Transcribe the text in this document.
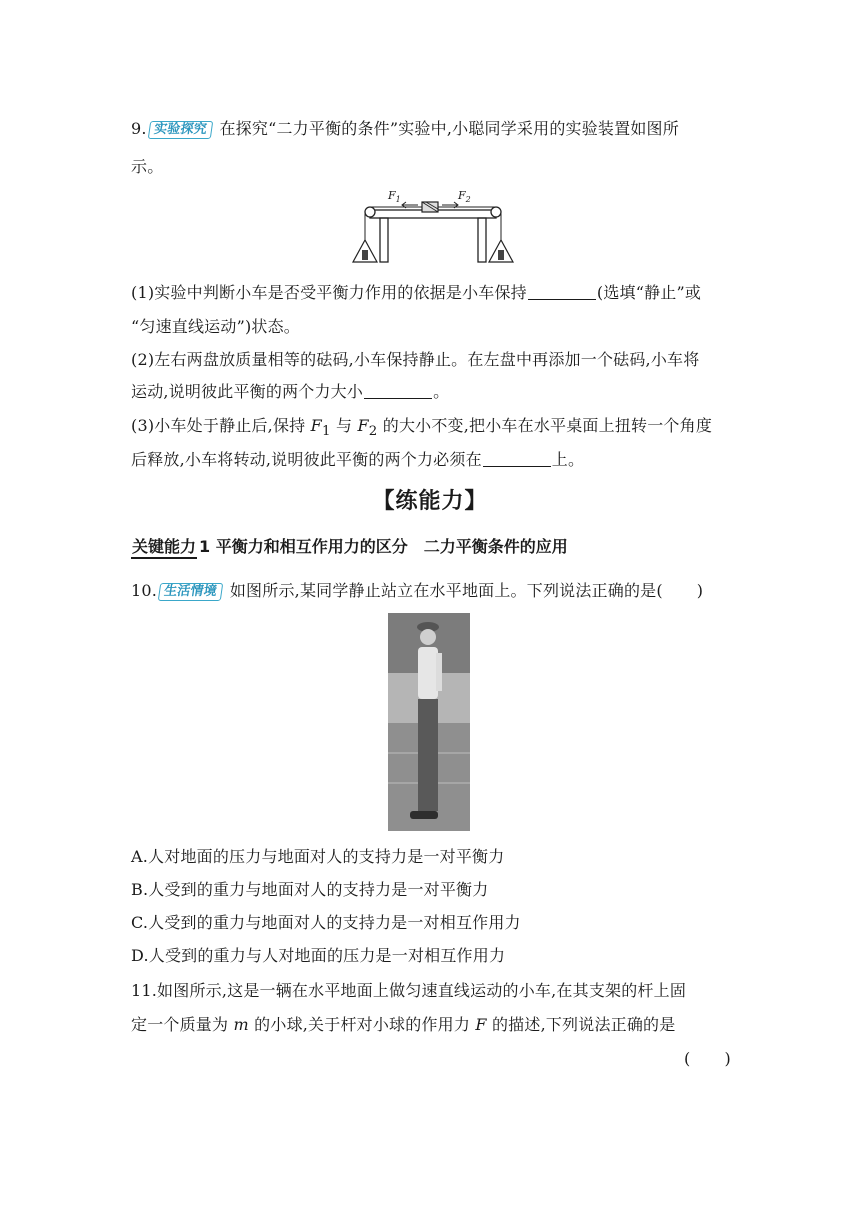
9. 实验探究 在探究“二力平衡的条件”实验中,小聪同学采用的实验装置如图所
示。
$F_1$	$F_2$
(1)实验中判断小车是否受平衡力作用的依据是小车保持	(选填“静止”或
“匀速直线运动”)状态。
(2)左右两盘放质量相等的砝码,小车保持静止。在左盘中再添加一个砝码,小车将
运动,说明彼此平衡的两个力大小	。
(3)小车处于静止后,保持 $F_1$ 与 $F_2$ 的大小不变,把小车在水平桌面上扭转一个角度
后释放,小车将转动,说明彼此平衡的两个力必须在	上。
【练能力】
关键能力 1 平衡力和相互作用力的区分　二力平衡条件的应用
10. 生活情境 如图所示,某同学静止站立在水平地面上。下列说法正确的是( )
A.人对地面的压力与地面对人的支持力是一对平衡力
B.人受到的重力与地面对人的支持力是一对平衡力
C.人受到的重力与地面对人的支持力是一对相互作用力
D.人受到的重力与人对地面的压力是一对相互作用力
11.如图所示,这是一辆在水平地面上做匀速直线运动的小车,在其支架的杆上固
定一个质量为 m 的小球,关于杆对小球的作用力 F 的描述,下列说法正确的是
( )
